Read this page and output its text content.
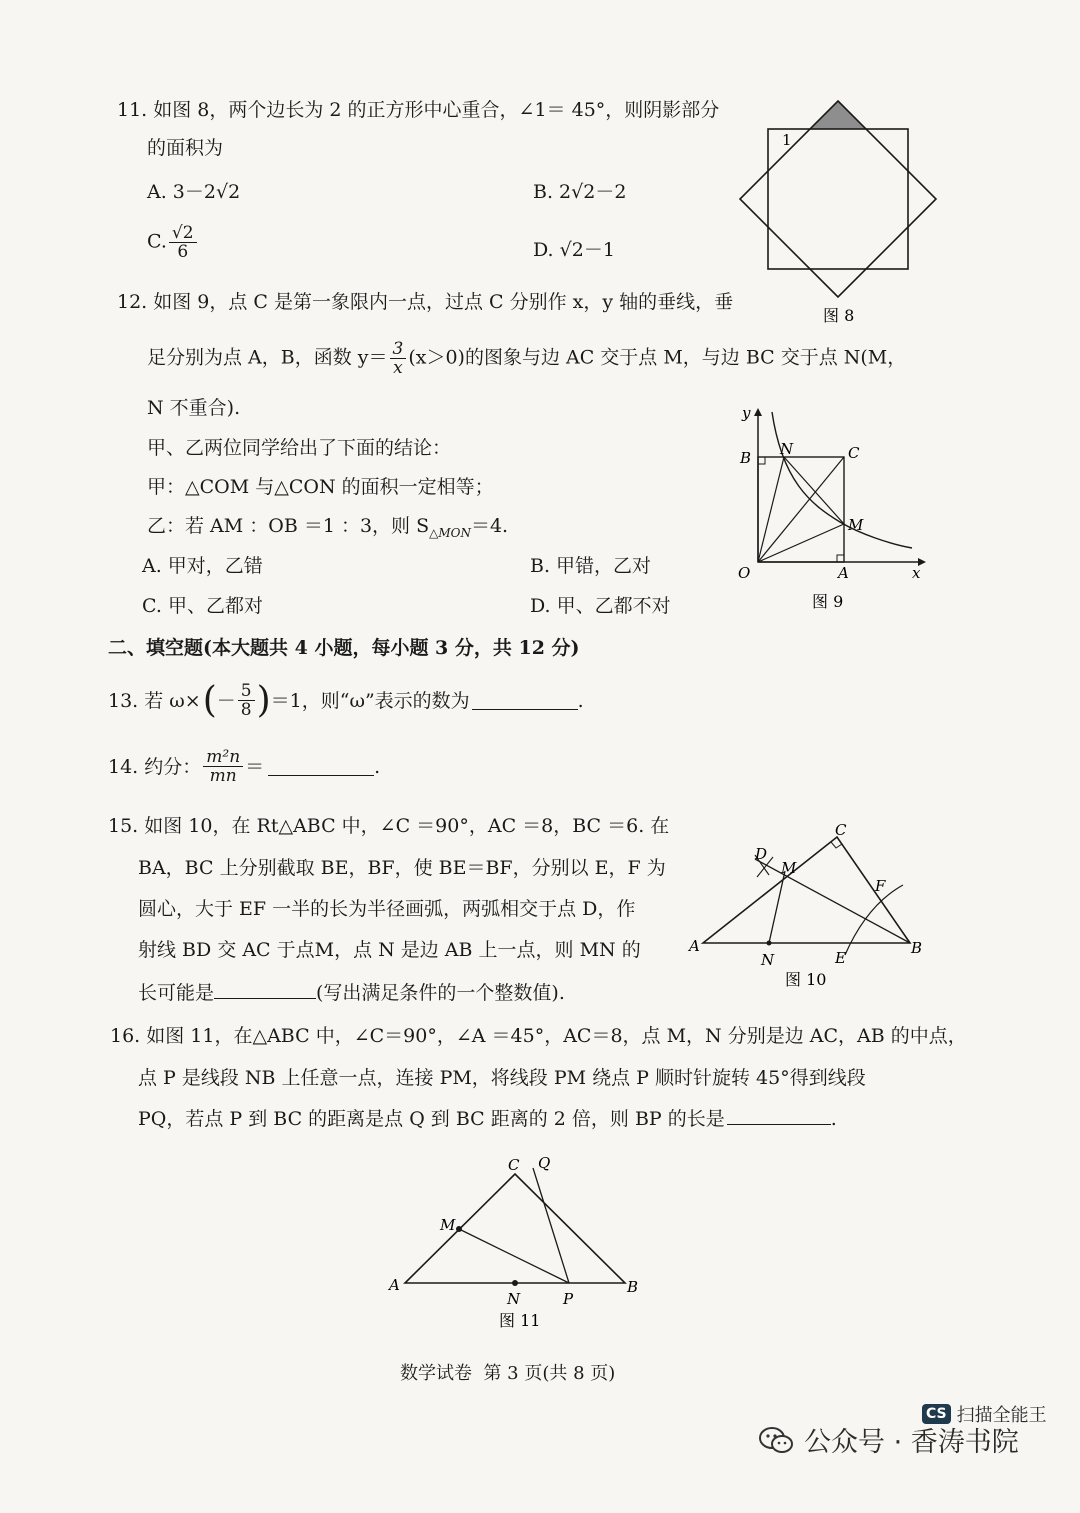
11. 如图 8，两个边长为 2 的正方形中心重合，∠1＝ 45°，则阴影部分
的面积为
A. 3－2√2	B. 2√2－2
C. $\frac{√2}{6}$	D. √2－1
1
图 8
12. 如图 9，点 C 是第一象限内一点，过点 C 分别作 x，y 轴的垂线，垂
足分别为点 A，B，函数 $y= \frac{3}{x} (x>0)$的图象与边 AC 交于点 M，与边 BC 交于点 N(M，
N 不重合).
甲、乙两位同学给出了下面的结论：
甲：△COM 与△CON 的面积一定相等；
乙：若 AM ：OB ＝1 ：3，则 $S_{\triangle MON}=4$.
A. 甲对，乙错	B. 甲错，乙对
C. 甲、乙都对	D. 甲、乙都不对
y
B N	C
M
O	A	x
图 9
二、填空题(本大题共 4 小题，每小题 3 分，共 12 分)
13. 若 ω× ( － $\frac{5}{8}$ ) ＝1，则“ω”表示的数为	.
14. 约分： $\frac{\text{m²n}}{mn}$ ＝	.
15. 如图 10，在 Rt△ABC 中，∠C ＝90°，AC ＝8，BC ＝6. 在
BA，BC 上分别截取 BE，BF，使 BE＝BF，分别以 E，F 为
圆心，大于 EF 一半的长为半径画弧，两弧相交于点 D，作
射线 BD 交 AC 于点M，点 N 是边 AB 上一点，则 MN 的
长可能是	(写出满足条件的一个整数值).
C
D
M
F
A
N	E
B
图 10
16. 如图 11，在△ABC 中，∠C＝90°，∠A ＝45°，AC＝8，点 M，N 分别是边 AC，AB 的中点，
点 P 是线段 NB 上任意一点，连接 PM，将线段 PM 绕点 P 顺时针旋转 45°得到线段
PQ，若点 P 到 BC 的距离是点 Q 到 BC 距离的 2 倍，则 BP 的长是	.
C Q
M
A
N	P
B
图 11
数学试卷  第 3 页(共 8 页)
CS 扫描全能王
公众号 · 香涛书院
